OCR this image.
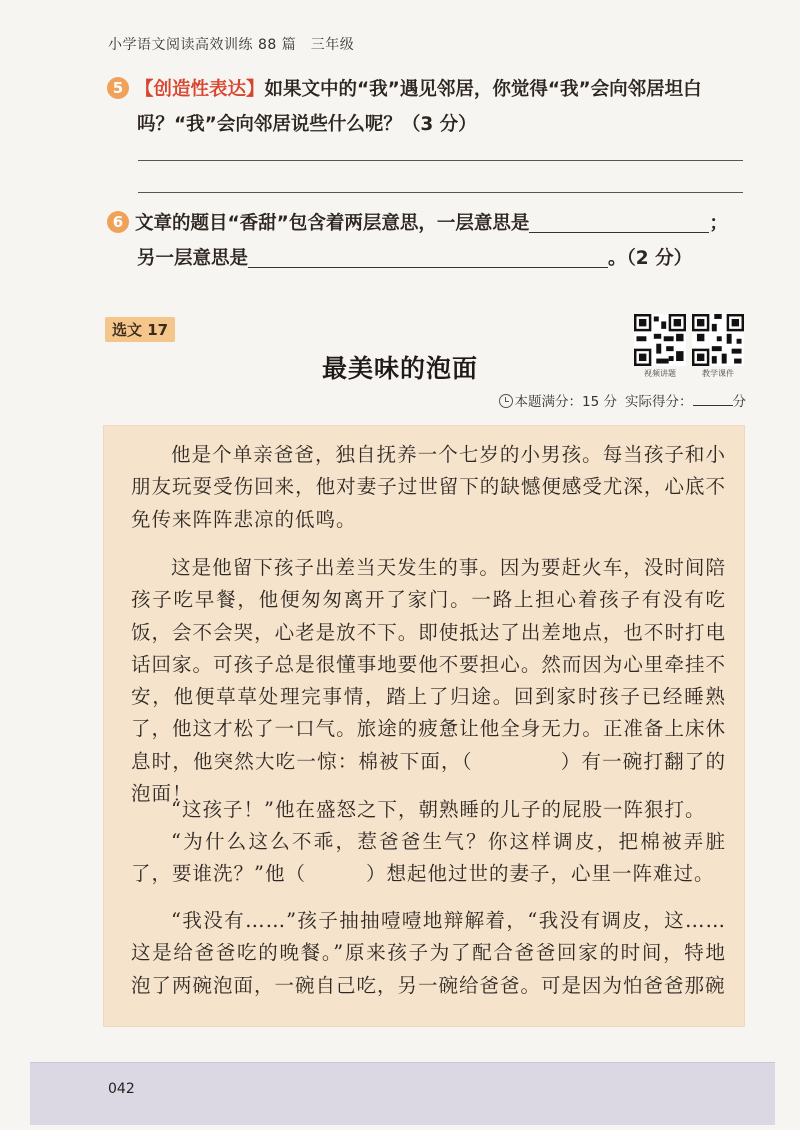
小学语文阅读高效训练 88 篇　三年级
5 【创造性表达】如果文中的“我”遇见邻居，你觉得“我”会向邻居坦白
吗？“我”会向邻居说些什么呢？（3 分）
6 文章的题目“香甜”包含着两层意思，一层意思是	；
另一层意思是	。（2 分）
选文 17
最美味的泡面	视频讲题	教学课件
本题满分：15 分 实际得分：	分
他是个单亲爸爸，独自抚养一个七岁的小男孩。每当孩子和小朋友玩耍受伤回来，他对妻子过世留下的缺憾便感受尤深，心底不免传来阵阵悲凉的低鸣。
这是他留下孩子出差当天发生的事。因为要赶火车，没时间陪孩子吃早餐，他便匆匆离开了家门。一路上担心着孩子有没有吃饭，会不会哭，心老是放不下。即使抵达了出差地点，也不时打电话回家。可孩子总是很懂事地要他不要担心。然而因为心里牵挂不安，他便草草处理完事情，踏上了归途。回到家时孩子已经睡熟了，他这才松了一口气。旅途的疲惫让他全身无力。正准备上床休息时，他突然大吃一惊：棉被下面，（	）有一碗打翻了的泡面！
“这孩子！”他在盛怒之下，朝熟睡的儿子的屁股一阵狠打。
“为什么这么不乖，惹爸爸生气？你这样调皮，把棉被弄脏了，要谁洗？”他（	）想起他过世的妻子，心里一阵难过。
“我没有……”孩子抽抽噎噎地辩解着，“我没有调皮，这……这是给爸爸吃的晚餐。”原来孩子为了配合爸爸回家的时间，特地泡了两碗泡面，一碗自己吃，另一碗给爸爸。可是因为怕爸爸那碗
042
